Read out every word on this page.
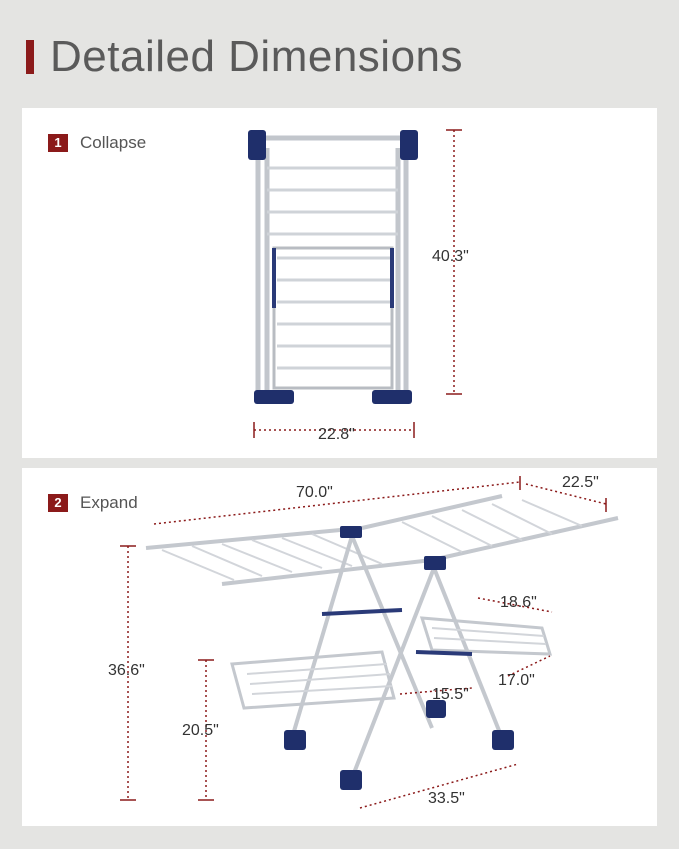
Detailed Dimensions
1	Collapse
40.3"
22.8"
2	Expand
70.0"
22.5"
36.6"
20.5"
18.6"
17.0"
15.5"
33.5"
